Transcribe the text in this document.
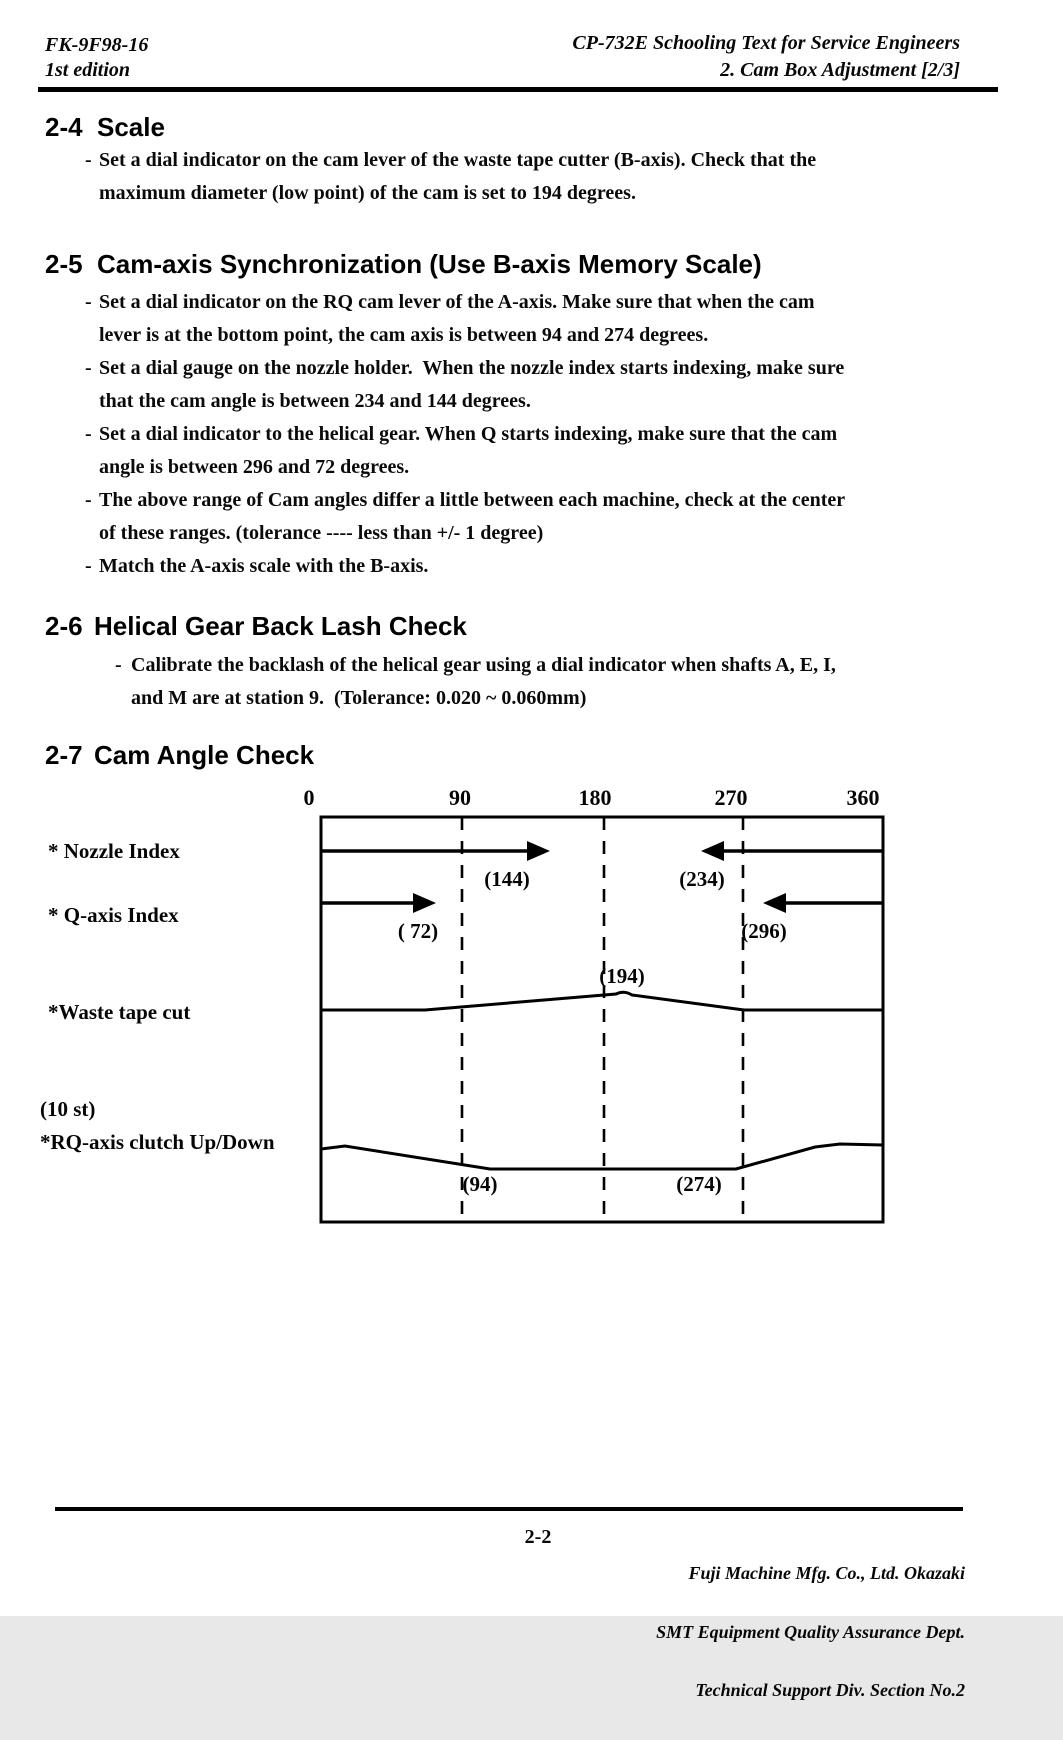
FK-9F98-16
1st edition
CP-732E Schooling Text for Service Engineers
2. Cam Box Adjustment [2/3]
2-4 Scale
- Set a dial indicator on the cam lever of the waste tape cutter (B-axis). Check that the
maximum diameter (low point) of the cam is set to 194 degrees.
2-5 Cam-axis Synchronization (Use B-axis Memory Scale)
- Set a dial indicator on the RQ cam lever of the A-axis. Make sure that when the cam
lever is at the bottom point, the cam axis is between 94 and 274 degrees.
- Set a dial gauge on the nozzle holder.  When the nozzle index starts indexing, make sure
that the cam angle is between 234 and 144 degrees.
- Set a dial indicator to the helical gear. When Q starts indexing, make sure that the cam
angle is between 296 and 72 degrees.
- The above range of Cam angles differ a little between each machine, check at the center
of these ranges. (tolerance ---- less than +/- 1 degree)
- Match the A-axis scale with the B-axis.
2-6 Helical Gear Back Lash Check
- Calibrate the backlash of the helical gear using a dial indicator when shafts A, E, I,
and M are at station 9.  (Tolerance: 0.020 ~ 0.060mm)
2-7 Cam Angle Check
* Nozzle Index
* Q-axis Index
*Waste tape cut
(10 st)
*RQ-axis clutch Up/Down
0	90	180	270	360
(144)	(234)
( 72)	(296)
(194)
(94)	(274)
2-2

Fuji Machine Mfg. Co., Ltd. Okazaki

SMT Equipment Quality Assurance Dept.

Technical Support Div. Section No.2
